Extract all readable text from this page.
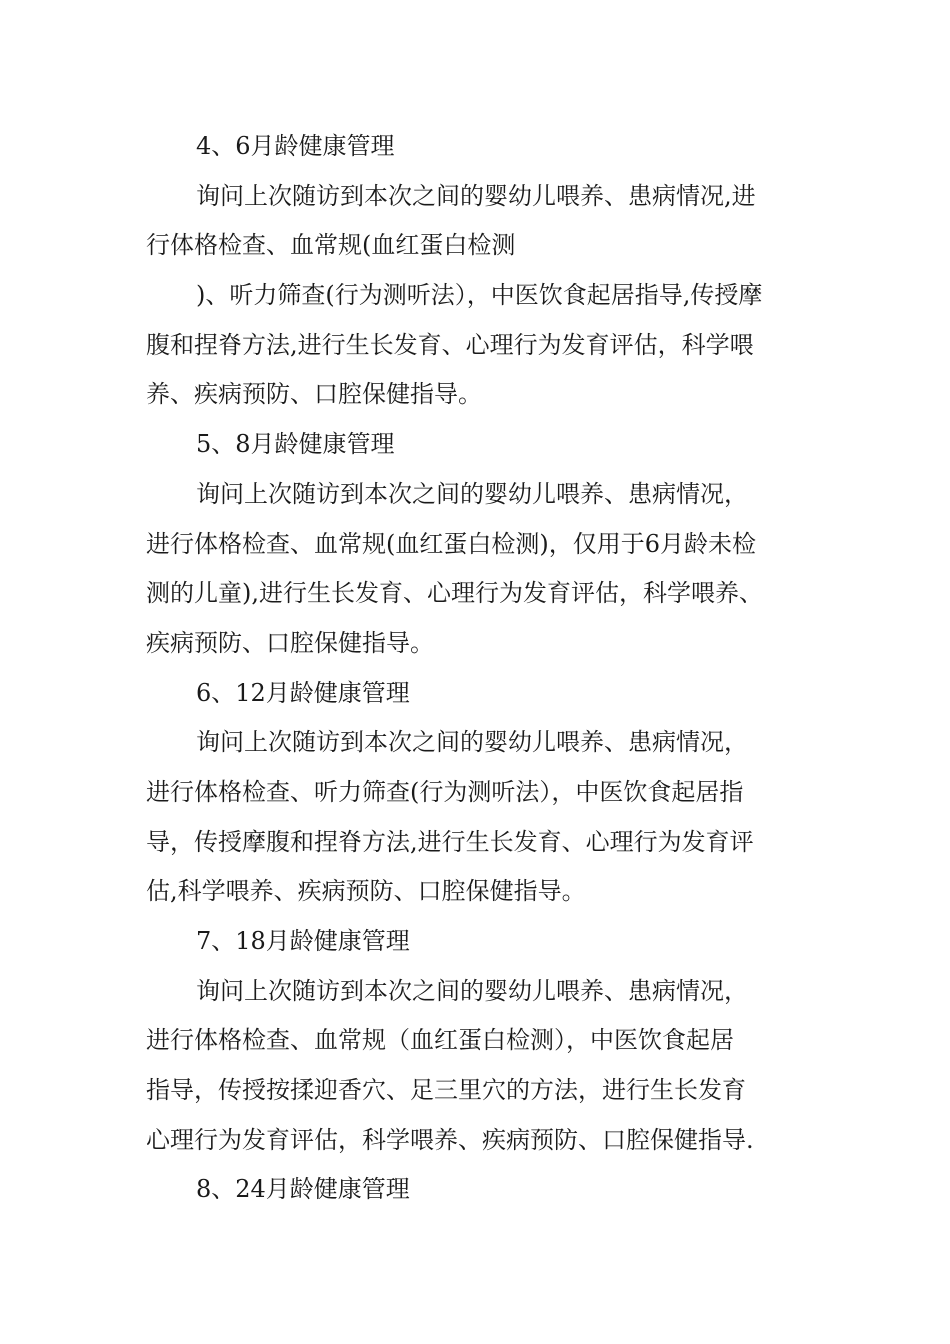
4、6月龄健康管理
询问上次随访到本次之间的婴幼儿喂养、患病情况,进
行体格检查、血常规(血红蛋白检测
)、听力筛查(行为测听法），中医饮食起居指导,传授摩
腹和捏脊方法,进行生长发育、心理行为发育评估，科学喂
养、疾病预防、口腔保健指导。
5、8月龄健康管理
询问上次随访到本次之间的婴幼儿喂养、患病情况，
进行体格检查、血常规(血红蛋白检测)，仅用于6月龄未检
测的儿童),进行生长发育、心理行为发育评估，科学喂养、
疾病预防、口腔保健指导。
6、12月龄健康管理
询问上次随访到本次之间的婴幼儿喂养、患病情况，
进行体格检查、听力筛查(行为测听法），中医饮食起居指
导，传授摩腹和捏脊方法,进行生长发育、心理行为发育评
估,科学喂养、疾病预防、口腔保健指导。
7、18月龄健康管理
询问上次随访到本次之间的婴幼儿喂养、患病情况，
进行体格检查、血常规（血红蛋白检测），中医饮食起居
指导，传授按揉迎香穴、足三里穴的方法，进行生长发育
心理行为发育评估，科学喂养、疾病预防、口腔保健指导.
8、24月龄健康管理
